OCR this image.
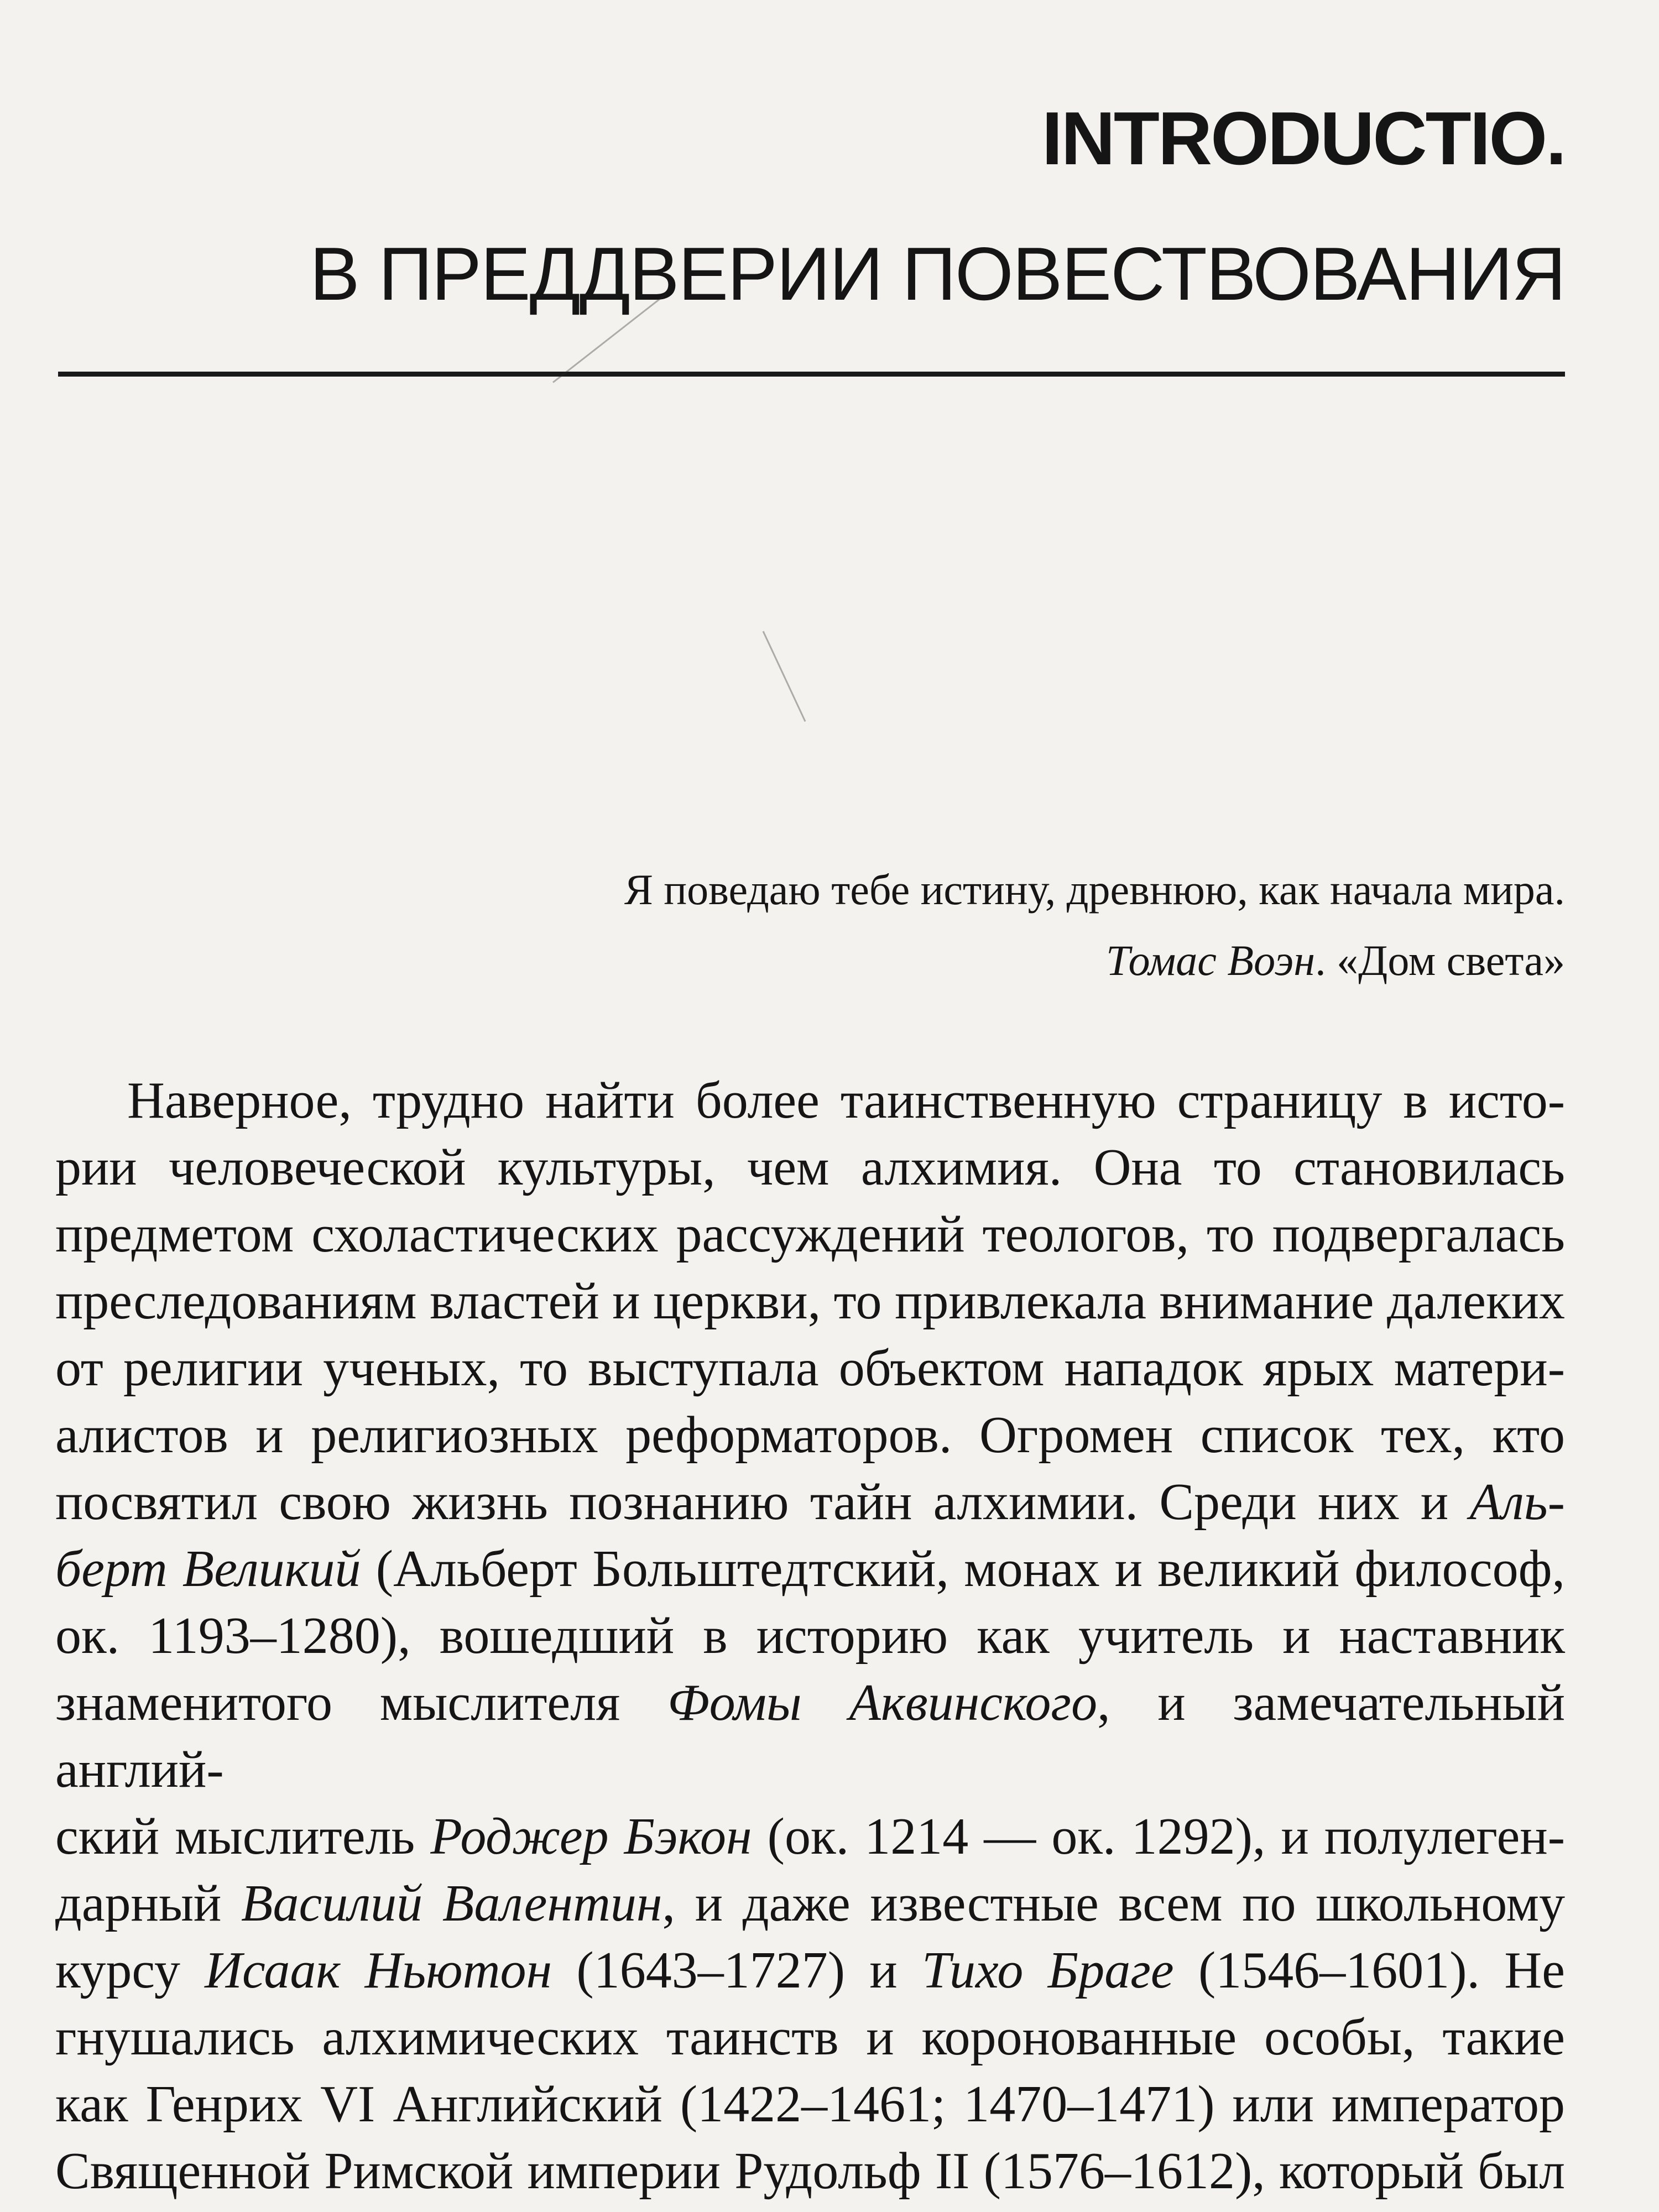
INTRODUCTIO.
В ПРЕДДВЕРИИ ПОВЕСТВОВАНИЯ
Я поведаю тебе истину, древнюю, как начала мира.
Томас Воэн. «Дом света»
Наверное, трудно найти более таинственную страницу в исто-
рии человеческой культуры, чем алхимия. Она то становилась
предметом схоластических рассуждений теологов, то подвергалась
преследованиям властей и церкви, то привлекала внимание далеких
от религии ученых, то выступала объектом нападок ярых матери-
алистов и религиозных реформаторов. Огромен список тех, кто
посвятил свою жизнь познанию тайн алхимии. Среди них и Аль-
берт Великий (Альберт Больштедтский, монах и великий философ,
ок. 1193–1280), вошедший в историю как учитель и наставник
знаменитого мыслителя Фомы Аквинского, и замечательный англий-
ский мыслитель Роджер Бэкон (ок. 1214 — ок. 1292), и полулеген-
дарный Василий Валентин, и даже известные всем по школьному
курсу Исаак Ньютон (1643–1727) и Тихо Браге (1546–1601). Не
гнушались алхимических таинств и коронованные особы, такие
как Генрих VI Английский (1422–1461; 1470–1471) или император
Священной Римской империи Рудольф II (1576–1612), который был
